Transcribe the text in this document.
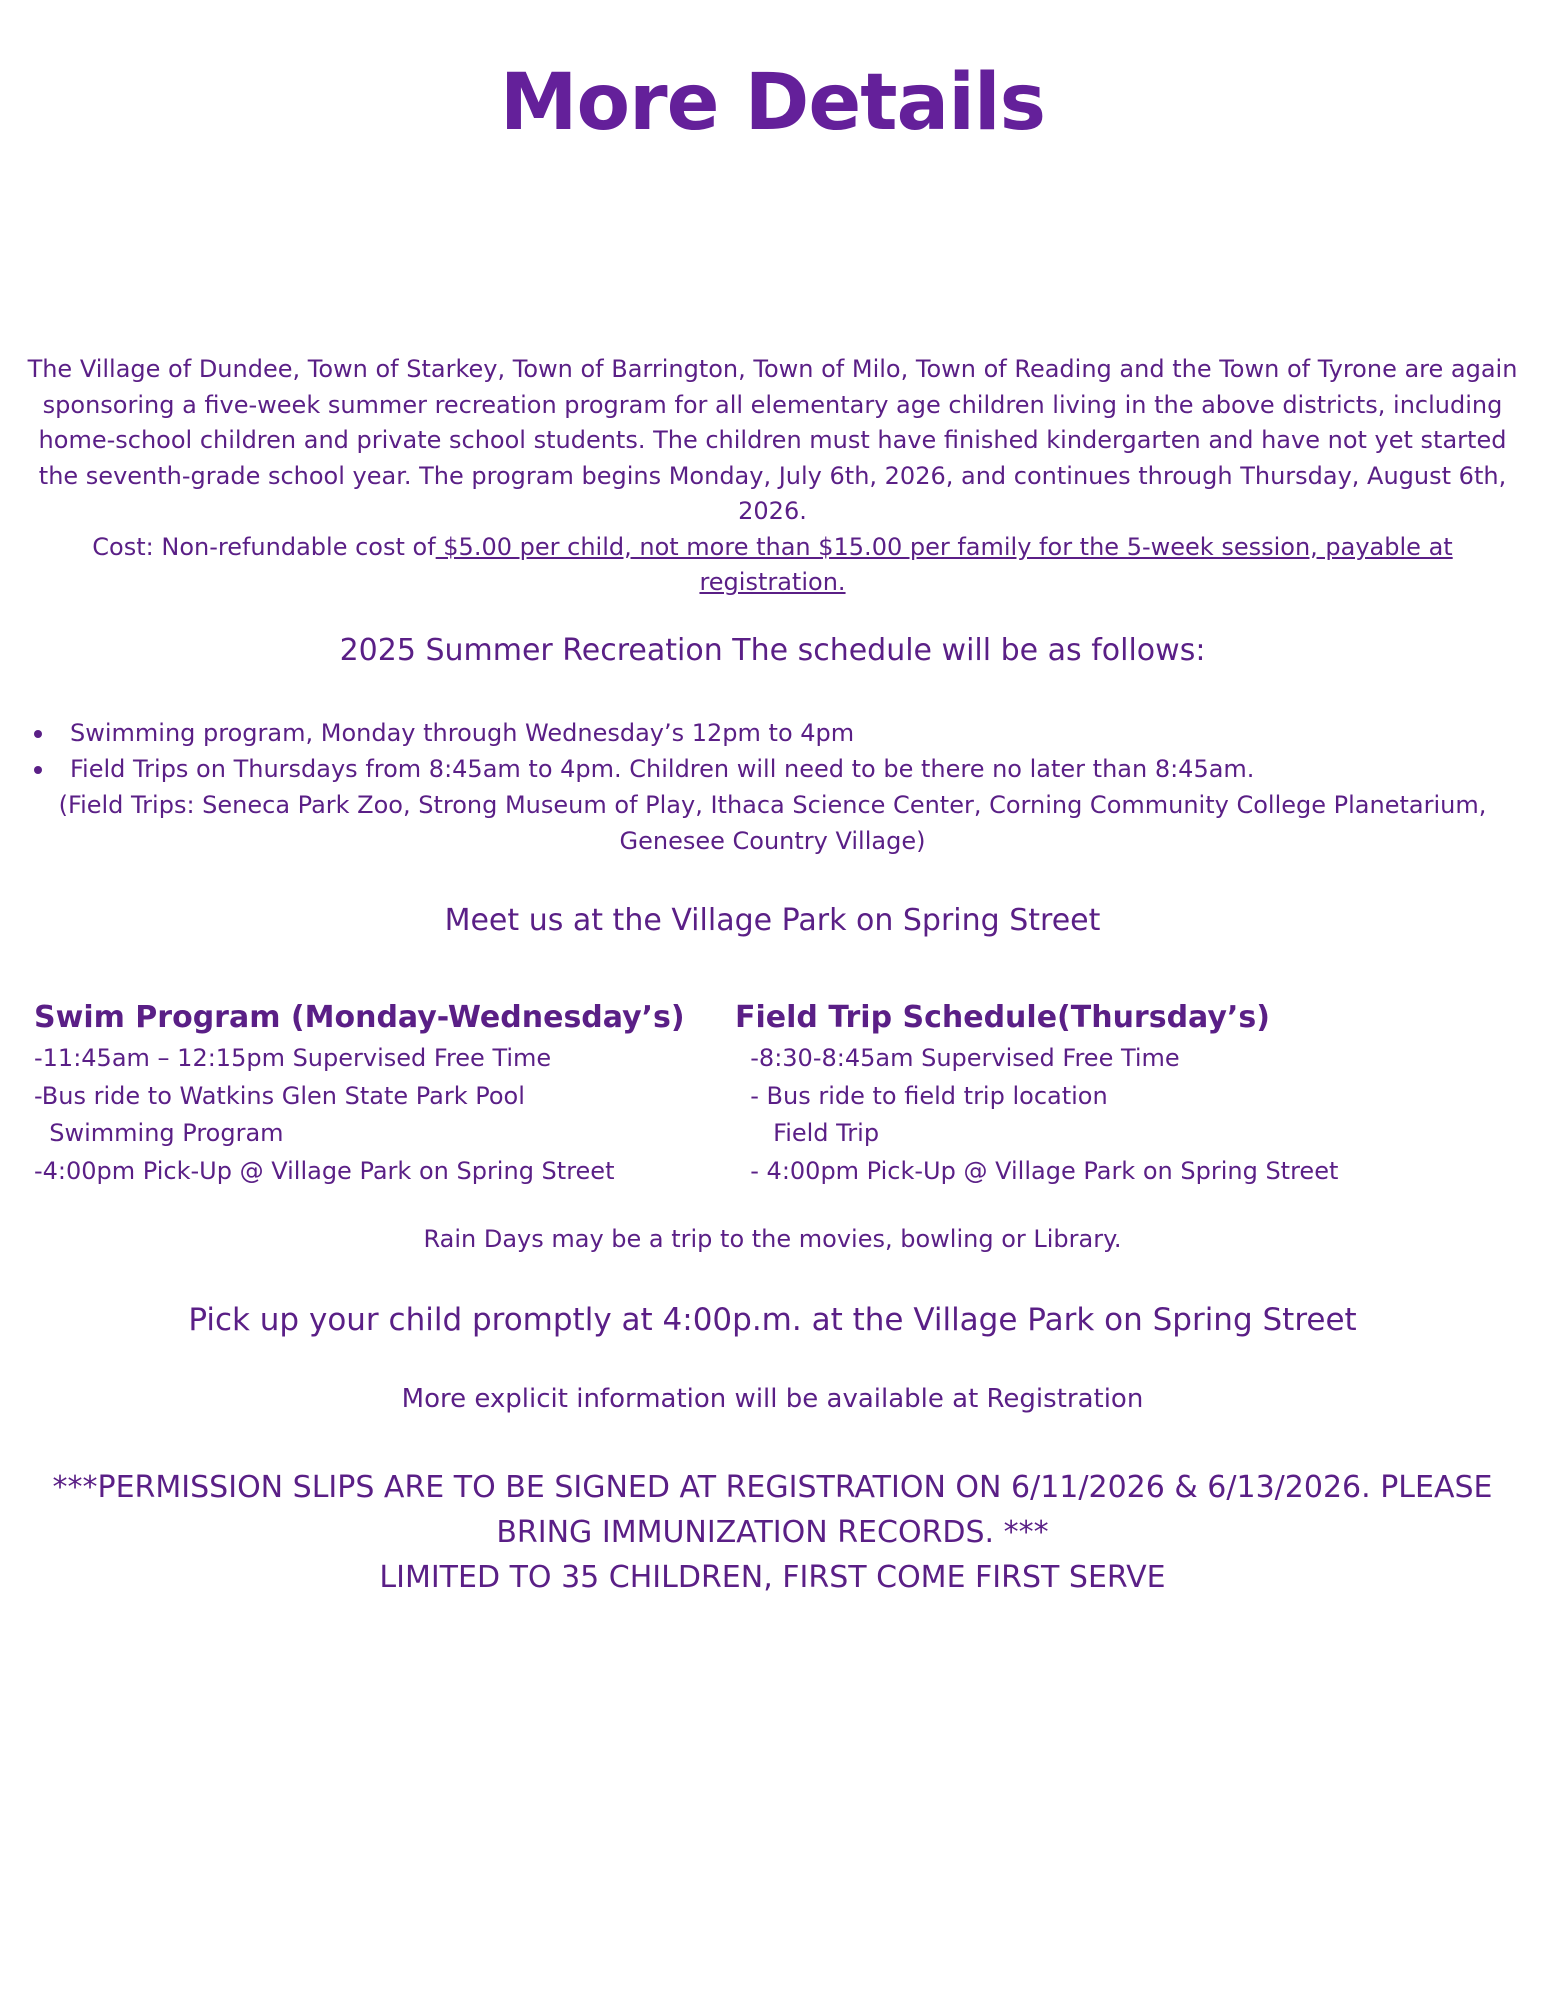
More Details
The Village of Dundee, Town of Starkey, Town of Barrington, Town of Milo, Town of Reading and the Town of Tyrone are again sponsoring a five-week summer recreation program for all elementary age children living in the above districts, including home-school children and private school students. The children must have finished kindergarten and have not yet started the seventh-grade school year. The program begins Monday, July 6th, 2026, and continues through Thursday, August 6th, 2026.
Cost: Non-refundable cost of $5.00 per child, not more than $15.00 per family for the 5-week session, payable at registration.
2025 Summer Recreation The schedule will be as follows:
Swimming program, Monday through Wednesday’s 12pm to 4pm
Field Trips on Thursdays from 8:45am to 4pm. Children will need to be there no later than 8:45am.
(Field Trips: Seneca Park Zoo, Strong Museum of Play, Ithaca Science Center, Corning Community College Planetarium, Genesee Country Village)
Meet us at the Village Park on Spring Street
Swim Program (Monday-Wednesday’s)
-11:45am – 12:15pm Supervised Free Time
-Bus ride to Watkins Glen State Park Pool
Swimming Program
-4:00pm Pick-Up @ Village Park on Spring Street
Field Trip Schedule(Thursday’s)
-8:30-8:45am Supervised Free Time
- Bus ride to field trip location
Field Trip
- 4:00pm Pick-Up @ Village Park on Spring Street
Rain Days may be a trip to the movies, bowling or Library.
Pick up your child promptly at 4:00p.m. at the Village Park on Spring Street
More explicit information will be available at Registration
***PERMISSION SLIPS ARE TO BE SIGNED AT REGISTRATION ON 6/11/2026 & 6/13/2026. PLEASE BRING IMMUNIZATION RECORDS. ***
LIMITED TO 35 CHILDREN, FIRST COME FIRST SERVE
